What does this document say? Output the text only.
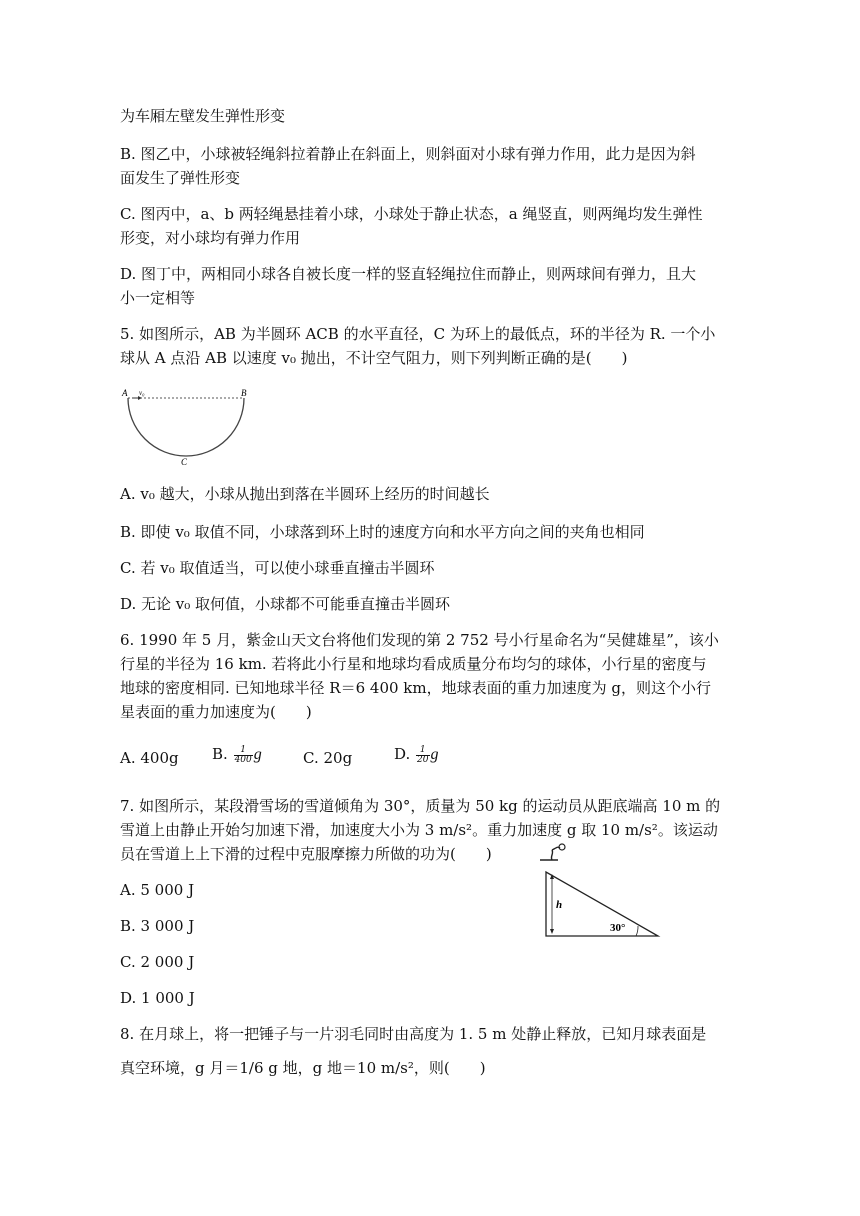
为车厢左壁发生弹性形变
B. 图乙中，小球被轻绳斜拉着静止在斜面上，则斜面对小球有弹力作用，此力是因为斜
面发生了弹性形变
C. 图丙中，a、b 两轻绳悬挂着小球，小球处于静止状态，a 绳竖直，则两绳均发生弹性
形变，对小球均有弹力作用
D. 图丁中，两相同小球各自被长度一样的竖直轻绳拉住而静止，则两球间有弹力，且大
小一定相等
5. 如图所示，AB 为半圆环 ACB 的水平直径，C 为环上的最低点，环的半径为 R. 一个小
球从 A 点沿 AB 以速度 v₀ 抛出，不计空气阻力，则下列判断正确的是(　　)
A v₀	B
C
A. v₀ 越大，小球从抛出到落在半圆环上经历的时间越长
B. 即使 v₀ 取值不同，小球落到环上时的速度方向和水平方向之间的夹角也相同
C. 若 v₀ 取值适当，可以使小球垂直撞击半圆环
D. 无论 v₀ 取何值，小球都不可能垂直撞击半圆环
6. 1990 年 5 月，紫金山天文台将他们发现的第 2 752 号小行星命名为“吴健雄星”，该小
行星的半径为 16 km. 若将此小行星和地球均看成质量分布均匀的球体，小行星的密度与
地球的密度相同. 已知地球半径 R＝6 400 km，地球表面的重力加速度为 g，则这个小行
星表面的重力加速度为(　　)
A. 400g B. $\frac{1}{400}$ g	C. 20g	D. $\frac{1}{20}$ g
7. 如图所示，某段滑雪场的雪道倾角为 30°，质量为 50 kg 的运动员从距底端高 10 m 的
雪道上由静止开始匀加速下滑，加速度大小为 3 m/s²。重力加速度 g 取 10 m/s²。该运动
员在雪道上上下滑的过程中克服摩擦力所做的功为(　　)
h
30°
A. 5 000 J
B. 3 000 J
C. 2 000 J
D. 1 000 J
8. 在月球上，将一把锤子与一片羽毛同时由高度为 1. 5 m 处静止释放，已知月球表面是
真空环境，g 月＝1/6 g 地，g 地＝10 m/s²，则(　　)
